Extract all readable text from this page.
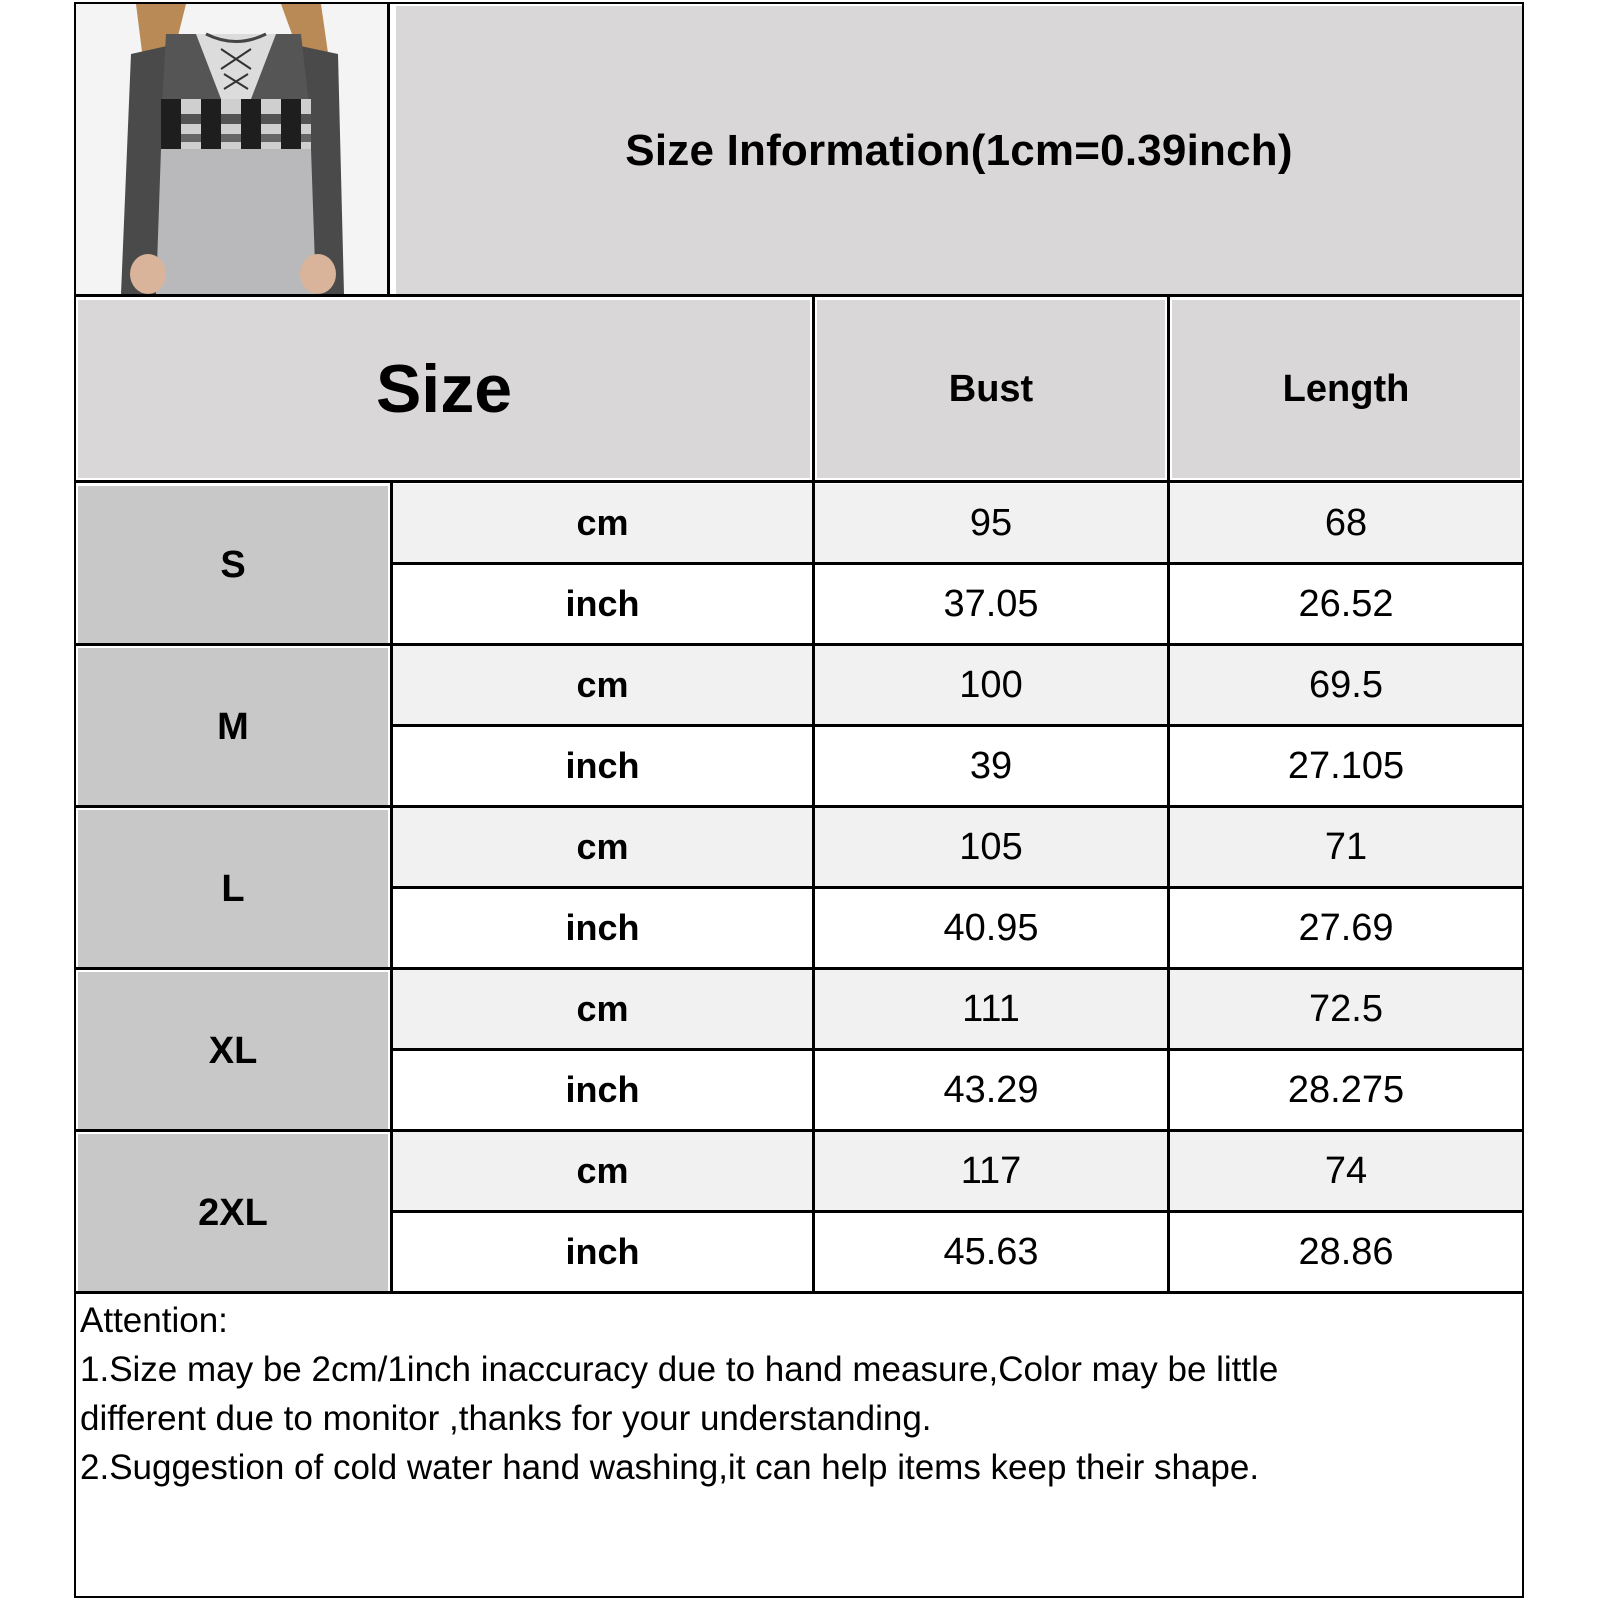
Size Information(1cm=0.39inch)
Size	Bust	Length
S
cm	95	68
inch	37.05	26.52
M
cm	100	69.5
inch	39	27.105
L
cm	105	71
inch	40.95	27.69
XL
cm	111	72.5
inch	43.29	28.275
2XL
cm	117	74
inch	45.63	28.86
Attention:
1.Size may be 2cm/1inch inaccuracy due to hand measure,Color may be little
different due to monitor ,thanks for your understanding.
2.Suggestion of cold water hand washing,it can help items keep their shape.
